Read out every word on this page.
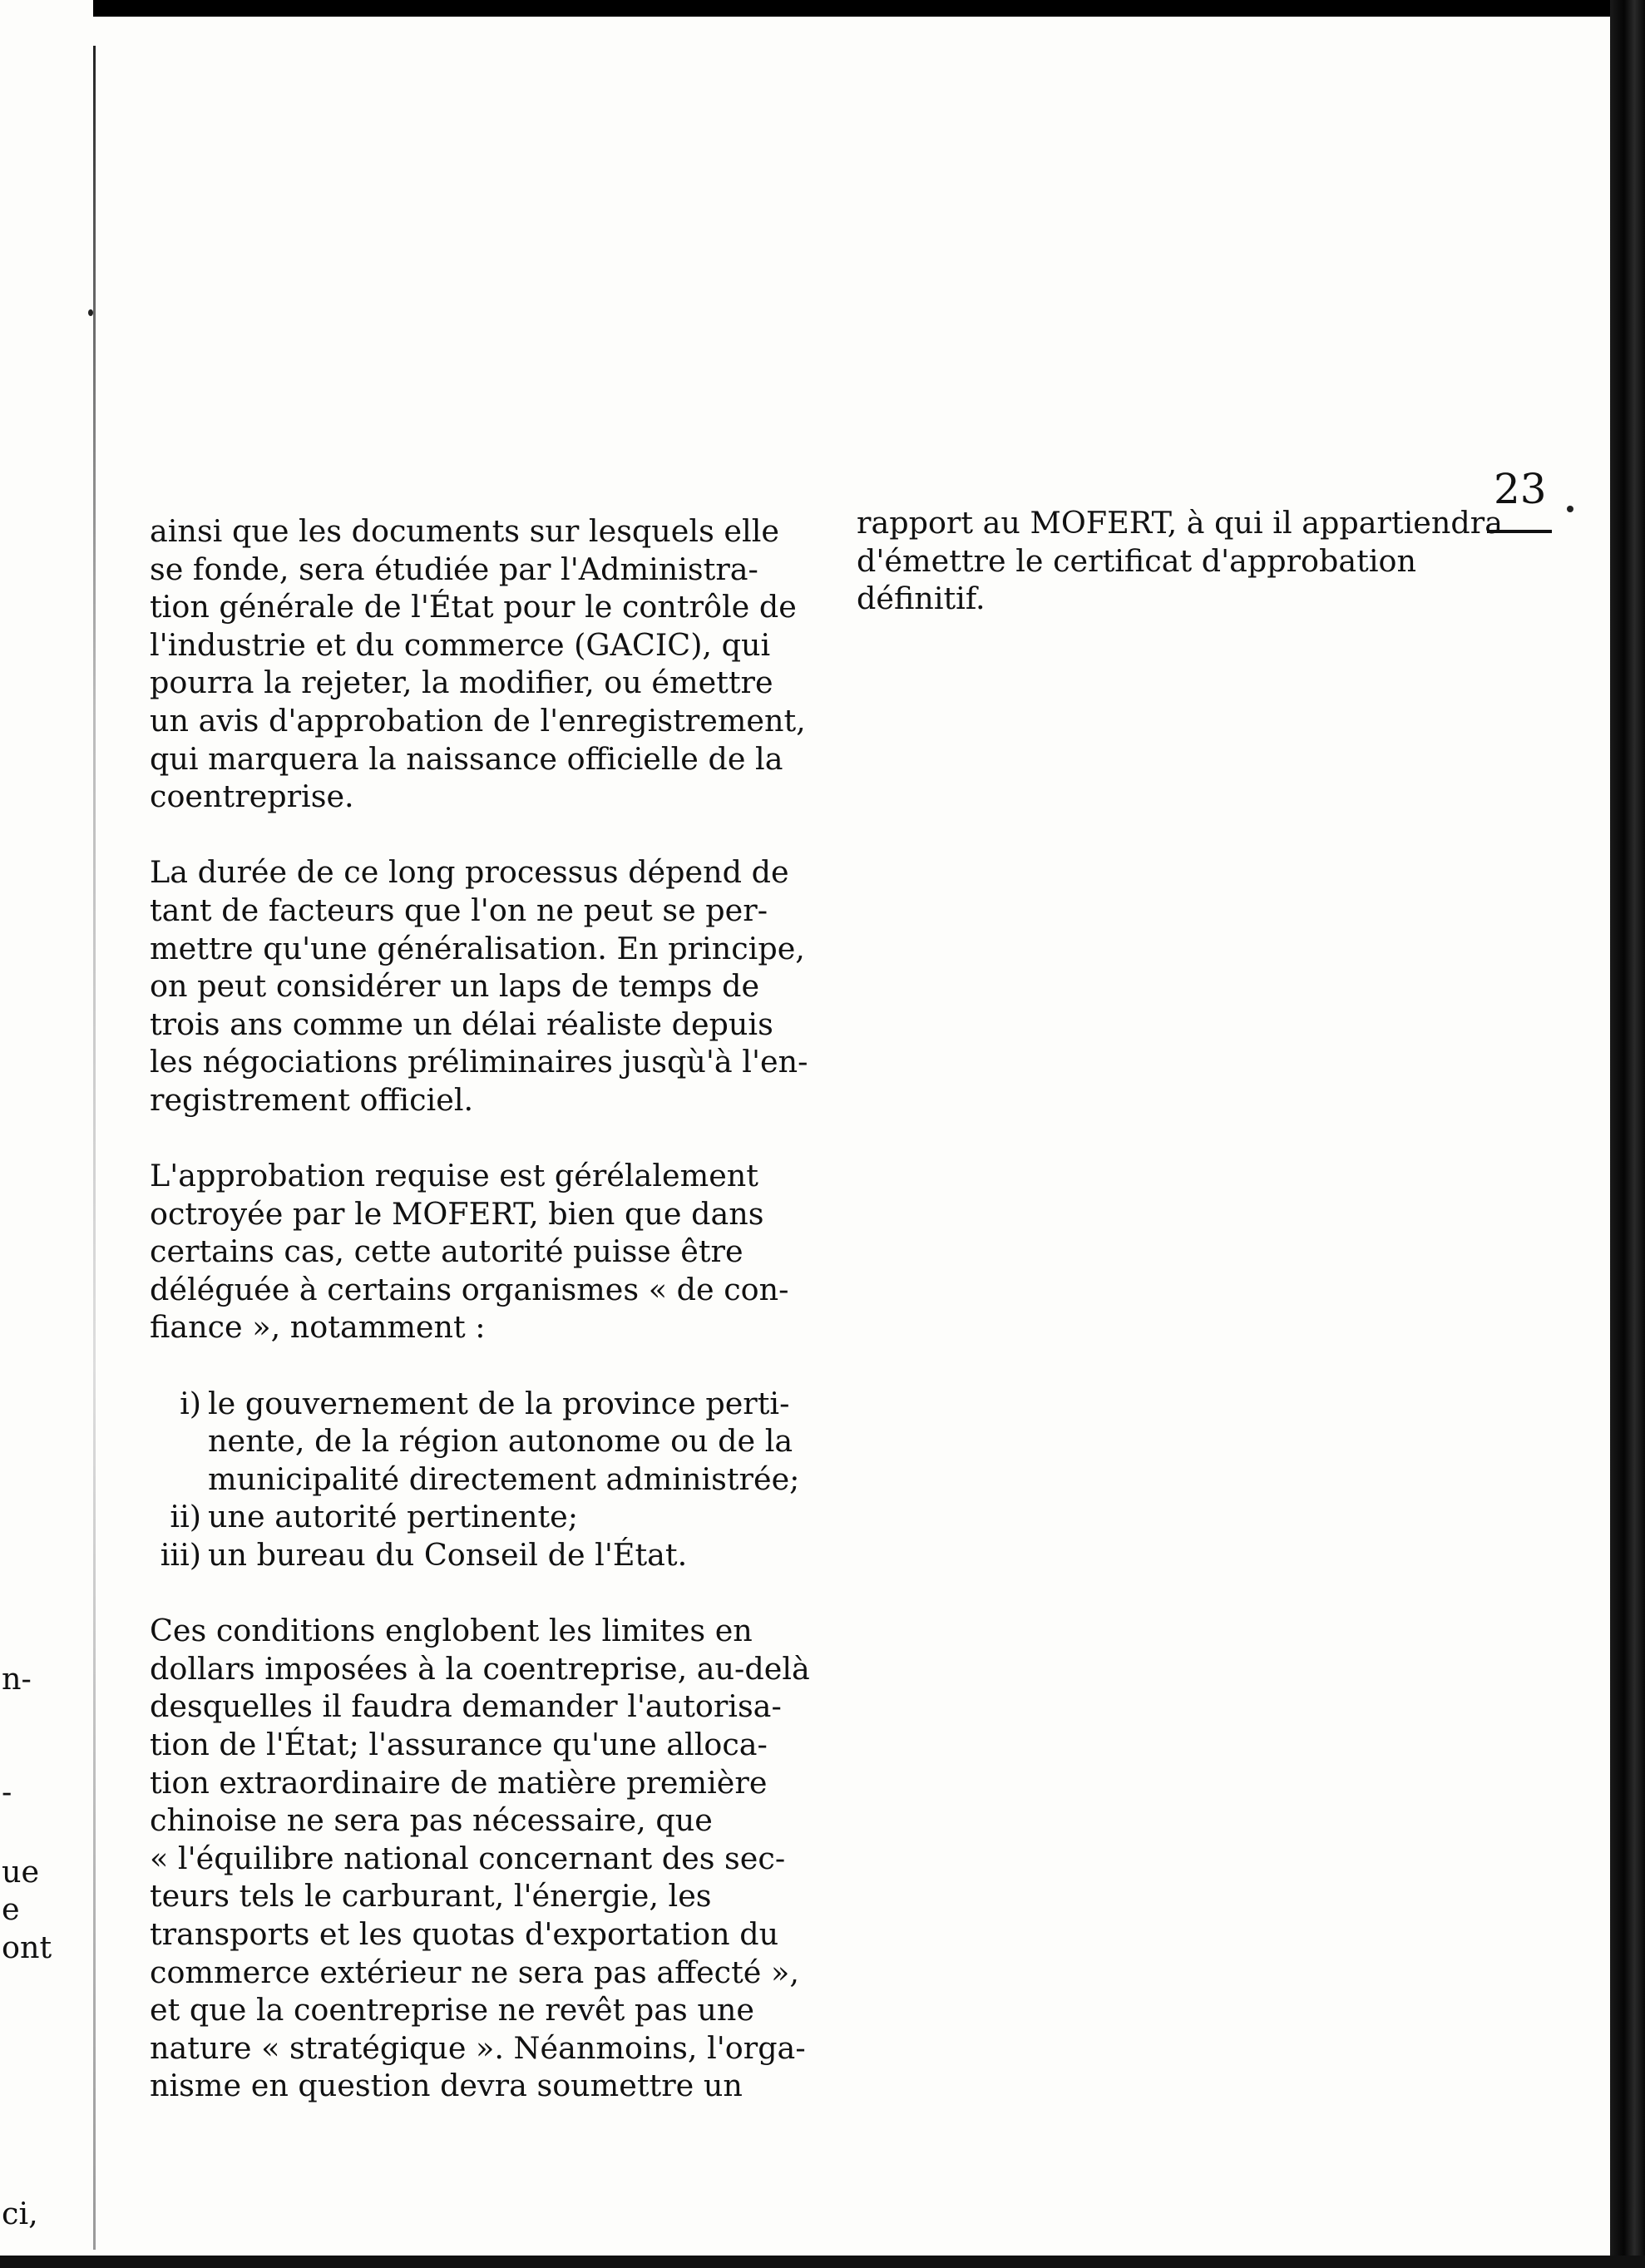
n-
-
ue
e
ont
ci,
23
ainsi que les documents sur lesquels elle
se fonde, sera étudiée par l'Administra-
tion générale de l'État pour le contrôle de
l'industrie et du commerce (GACIC), qui
pourra la rejeter, la modifier, ou émettre
un avis d'approbation de l'enregistrement,
qui marquera la naissance officielle de la
coentreprise.
La durée de ce long processus dépend de
tant de facteurs que l'on ne peut se per-
mettre qu'une généralisation. En principe,
on peut considérer un laps de temps de
trois ans comme un délai réaliste depuis
les négociations préliminaires jusqù'à l'en-
registrement officiel.
L'approbation requise est gérélalement
octroyée par le MOFERT, bien que dans
certains cas, cette autorité puisse être
déléguée à certains organismes « de con-
fiance », notamment :
i) le gouvernement de la province perti-
nente, de la région autonome ou de la
municipalité directement administrée;
ii) une autorité pertinente;
iii) un bureau du Conseil de l'État.
Ces conditions englobent les limites en
dollars imposées à la coentreprise, au-delà
desquelles il faudra demander l'autorisa-
tion de l'État; l'assurance qu'une alloca-
tion extraordinaire de matière première
chinoise ne sera pas nécessaire, que
« l'équilibre national concernant des sec-
teurs tels le carburant, l'énergie, les
transports et les quotas d'exportation du
commerce extérieur ne sera pas affecté »,
et que la coentreprise ne revêt pas une
nature « stratégique ». Néanmoins, l'orga-
nisme en question devra soumettre un
rapport au MOFERT, à qui il appartiendra
d'émettre le certificat d'approbation
définitif.
